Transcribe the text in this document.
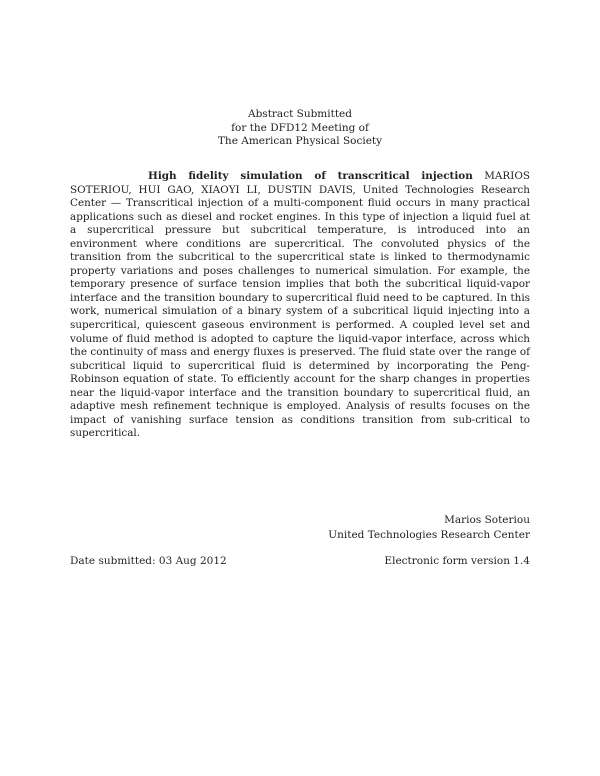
Abstract Submitted
for the DFD12 Meeting of
The American Physical Society
High fidelity simulation of transcritical injection MARIOS SOTERIOU, HUI GAO, XIAOYI LI, DUSTIN DAVIS, United Technologies Research Center — Transcritical injection of a multi-component fluid occurs in many practical applications such as diesel and rocket engines. In this type of injection a liquid fuel at a supercritical pressure but subcritical temperature, is introduced into an environment where conditions are supercritical. The convoluted physics of the transition from the subcritical to the supercritical state is linked to thermodynamic property variations and poses challenges to numerical simulation. For example, the temporary presence of surface tension implies that both the subcritical liquid-vapor interface and the transition boundary to supercritical fluid need to be captured. In this work, numerical simulation of a binary system of a subcritical liquid injecting into a supercritical, quiescent gaseous environment is performed. A coupled level set and volume of fluid method is adopted to capture the liquid-vapor interface, across which the continuity of mass and energy fluxes is preserved. The fluid state over the range of subcritical liquid to supercritical fluid is determined by incorporating the Peng-Robinson equation of state. To efficiently account for the sharp changes in properties near the liquid-vapor interface and the transition boundary to supercritical fluid, an adaptive mesh refinement technique is employed. Analysis of results focuses on the impact of vanishing surface tension as conditions transition from sub-critical to supercritical.
Marios Soteriou
United Technologies Research Center
Date submitted: 03 Aug 2012	Electronic form version 1.4
